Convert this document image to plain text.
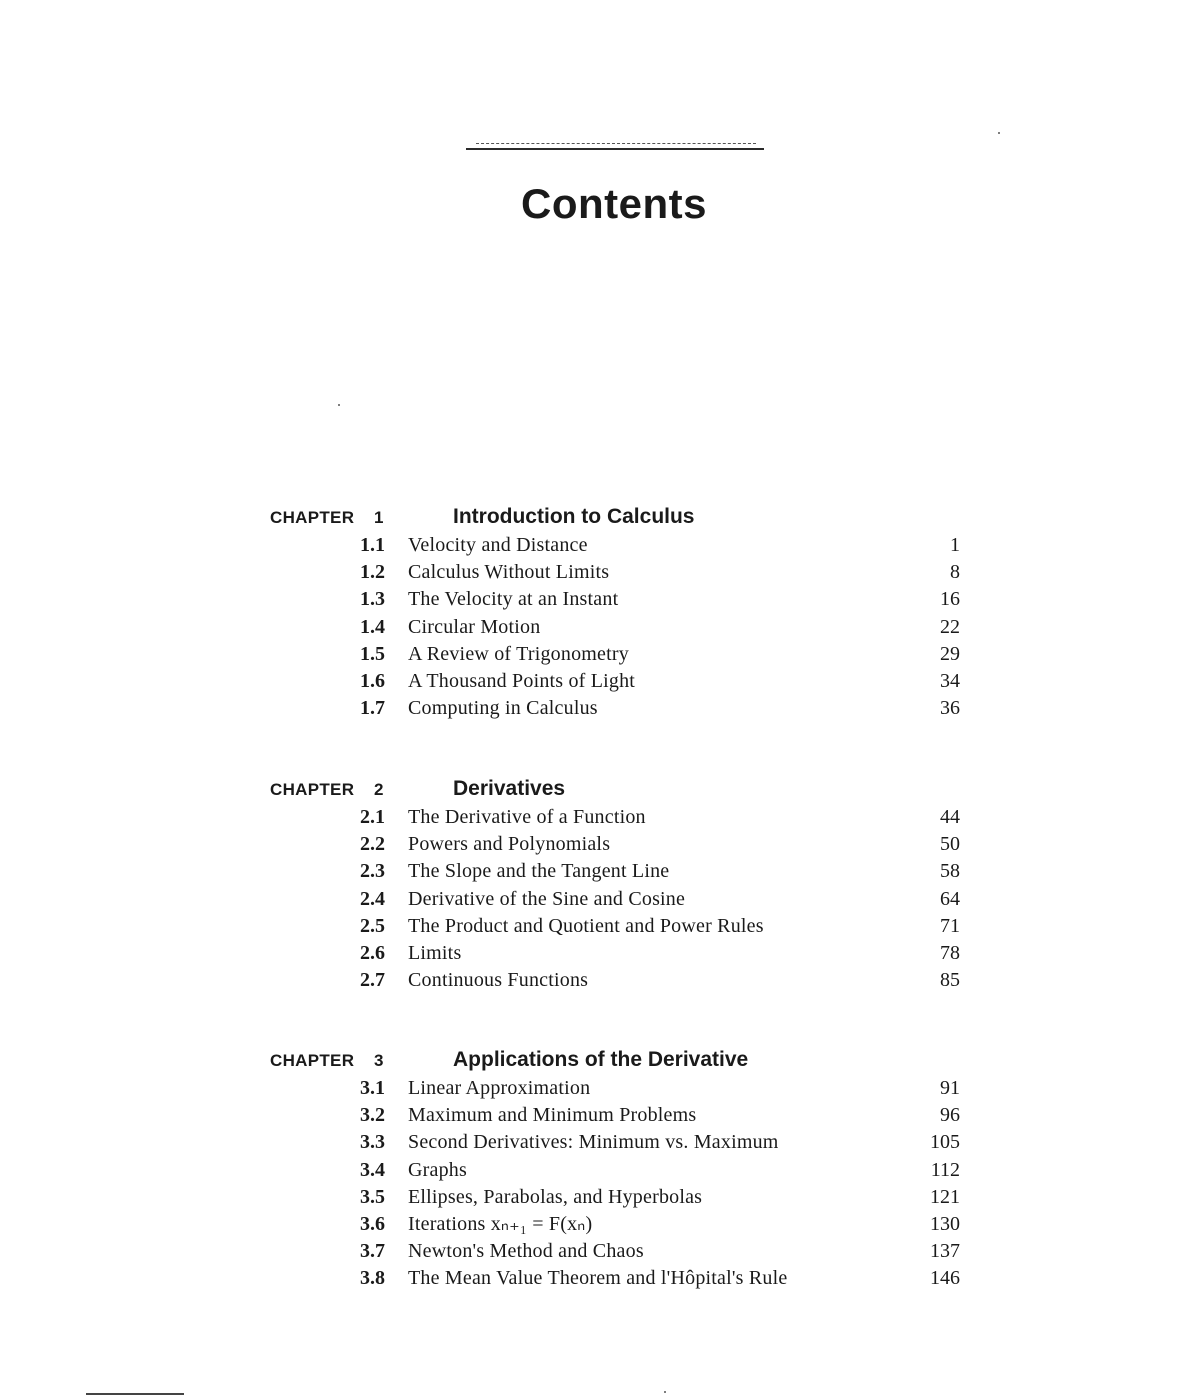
Contents
CHAPTER 1	Introduction to Calculus
1.1 Velocity and Distance	1
1.2 Calculus Without Limits	8
1.3 The Velocity at an Instant	16
1.4 Circular Motion	22
1.5 A Review of Trigonometry	29
1.6 A Thousand Points of Light	34
1.7 Computing in Calculus	36
CHAPTER 2	Derivatives
2.1 The Derivative of a Function	44
2.2 Powers and Polynomials	50
2.3 The Slope and the Tangent Line	58
2.4 Derivative of the Sine and Cosine	64
2.5 The Product and Quotient and Power Rules	71
2.6 Limits	78
2.7 Continuous Functions	85
CHAPTER 3	Applications of the Derivative
3.1 Linear Approximation	91
3.2 Maximum and Minimum Problems	96
3.3 Second Derivatives: Minimum vs. Maximum	105
3.4 Graphs	112
3.5 Ellipses, Parabolas, and Hyperbolas	121
3.6 Iterations xₙ₊₁ = F(xₙ)	130
3.7 Newton's Method and Chaos	137
3.8 The Mean Value Theorem and l'Hôpital's Rule	146
